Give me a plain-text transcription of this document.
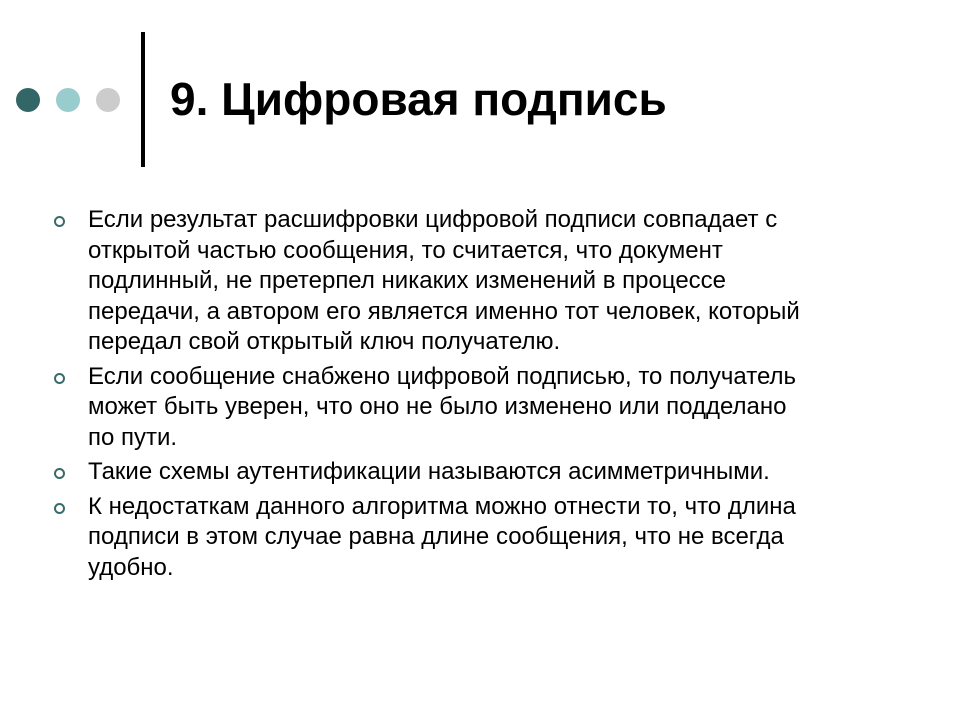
9. Цифровая подпись
Если результат расшифровки цифровой подписи совпадает с
открытой частью сообщения, то считается, что документ
подлинный, не претерпел никаких изменений в процессе
передачи, а автором его является именно тот человек, который
передал свой открытый ключ получателю.
Если сообщение снабжено цифровой подписью, то получатель
может быть уверен, что оно не было изменено или подделано
по пути.
Такие схемы аутентификации называются асимметричными.
К недостаткам данного алгоритма можно отнести то, что длина
подписи в этом случае равна длине сообщения, что не всегда
удобно.
